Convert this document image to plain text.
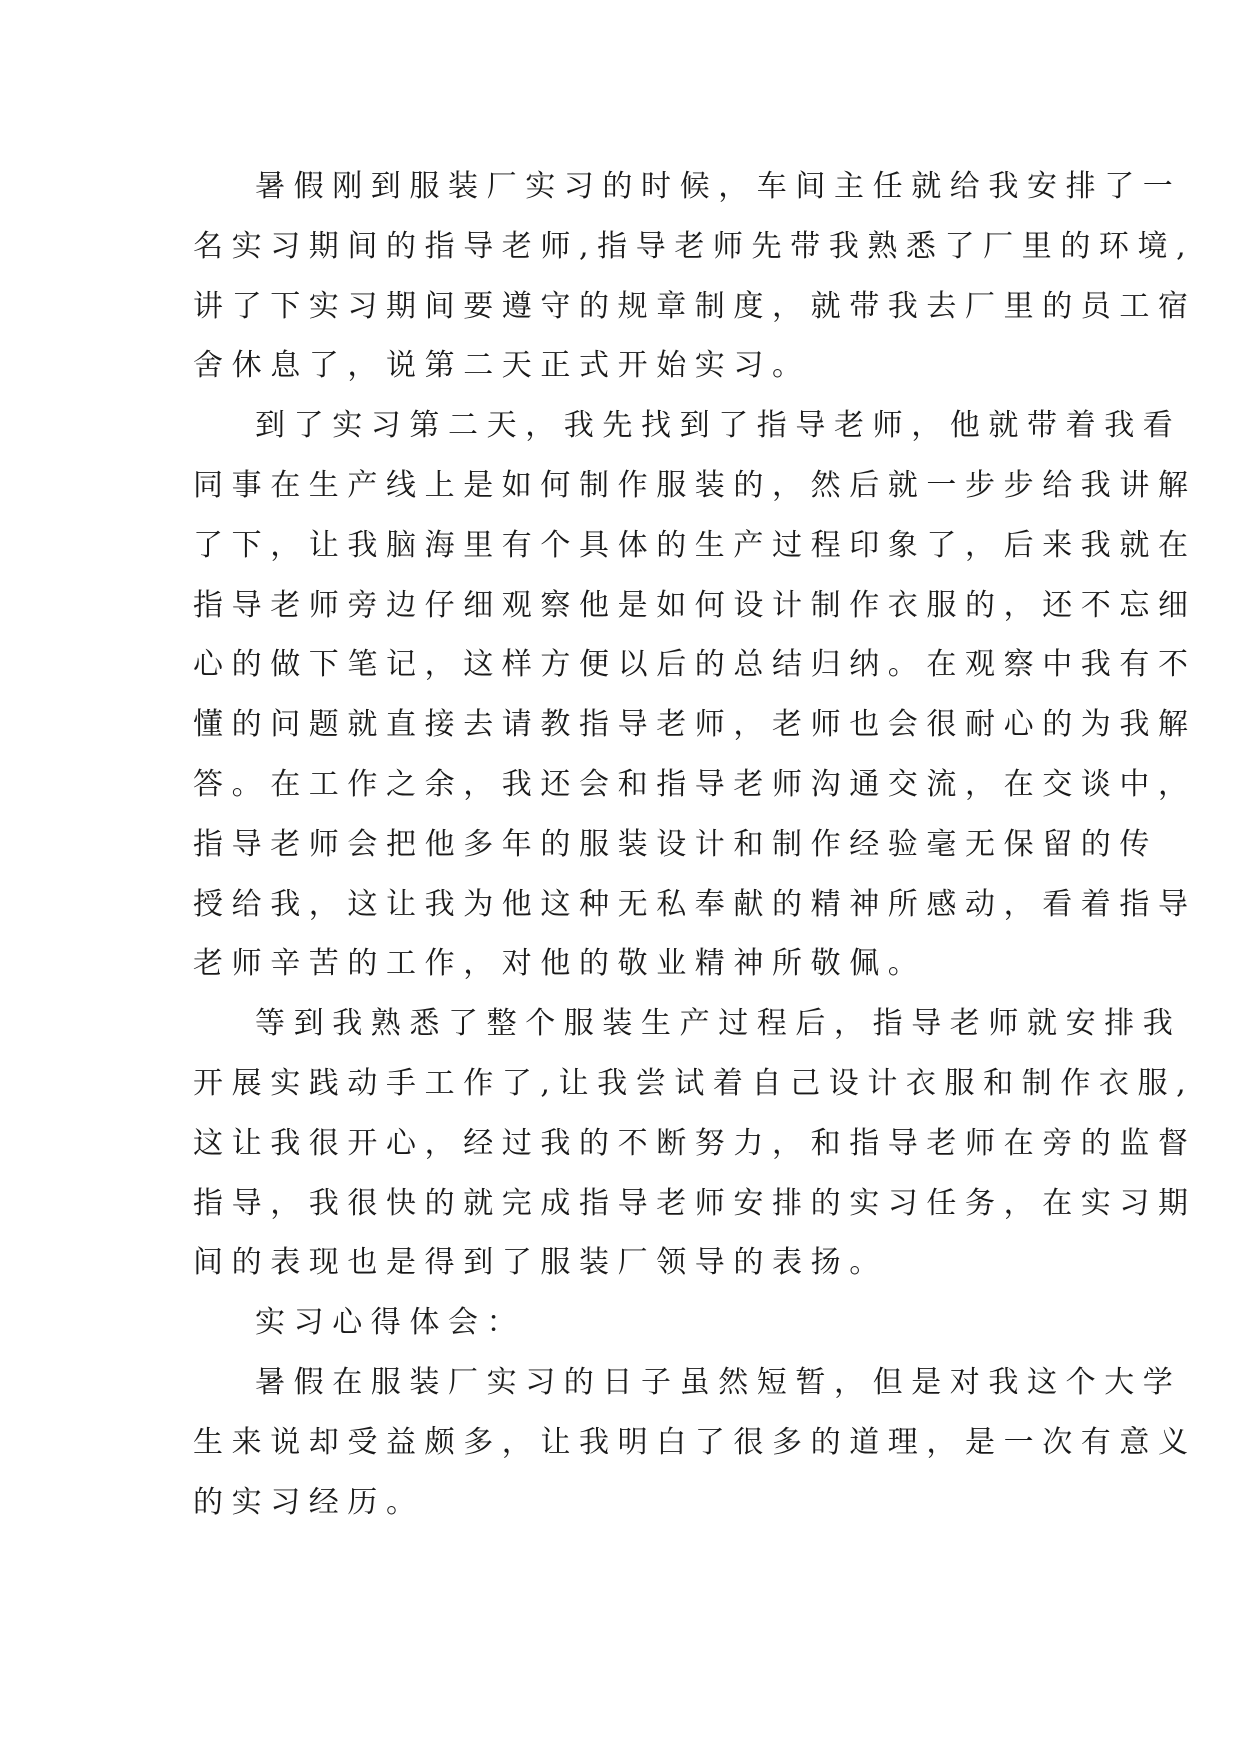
暑假刚到服装厂实习的时候，车间主任就给我安排了一
名实习期间的指导老师,指导老师先带我熟悉了厂里的环境,
讲了下实习期间要遵守的规章制度，就带我去厂里的员工宿
舍休息了，说第二天正式开始实习。
到了实习第二天，我先找到了指导老师，他就带着我看
同事在生产线上是如何制作服装的，然后就一步步给我讲解
了下，让我脑海里有个具体的生产过程印象了，后来我就在
指导老师旁边仔细观察他是如何设计制作衣服的，还不忘细
心的做下笔记，这样方便以后的总结归纳。在观察中我有不
懂的问题就直接去请教指导老师，老师也会很耐心的为我解
答。在工作之余，我还会和指导老师沟通交流，在交谈中，
指导老师会把他多年的服装设计和制作经验毫无保留的传
授给我，这让我为他这种无私奉献的精神所感动，看着指导
老师辛苦的工作，对他的敬业精神所敬佩。
等到我熟悉了整个服装生产过程后，指导老师就安排我
开展实践动手工作了,让我尝试着自己设计衣服和制作衣服,
这让我很开心，经过我的不断努力，和指导老师在旁的监督
指导，我很快的就完成指导老师安排的实习任务，在实习期
间的表现也是得到了服装厂领导的表扬。
实习心得体会：
暑假在服装厂实习的日子虽然短暂，但是对我这个大学
生来说却受益颇多，让我明白了很多的道理，是一次有意义
的实习经历。
